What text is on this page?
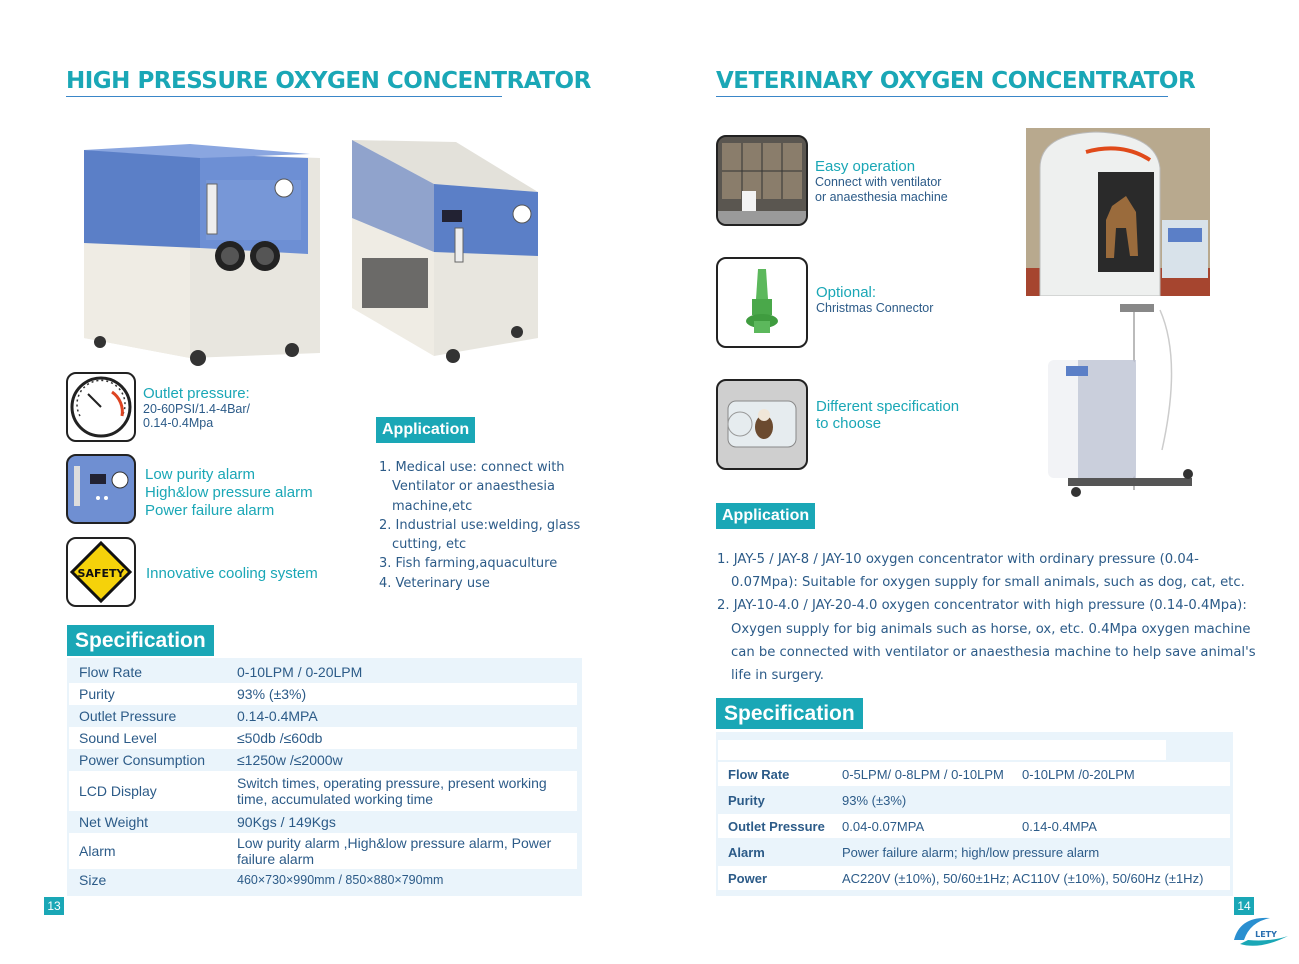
HIGH PRESSURE OXYGEN CONCENTRATOR
Outlet pressure:
20-60PSI/1.4-4Bar/
0.14-0.4Mpa
Low purity alarm
High&low pressure alarm
Power failure alarm
SAFETY Innovative cooling system
Application
1. Medical use: connect with
Ventilator or anaesthesia
machine,etc
2. Industrial use:welding, glass
cutting, etc
3. Fish farming,aquaculture
4. Veterinary use
Specification
Flow Rate	0-10LPM / 0-20LPM
Purity	93% (±3%)
Outlet Pressure	0.14-0.4MPA
Sound Level	≤50db /≤60db
Power Consumption	≤1250w /≤2000w
LCD Display	Switch times, operating pressure, present working time, accumulated working time
Net Weight	90Kgs / 149Kgs
Alarm	Low purity alarm ,High&low pressure alarm, Power failure alarm
Size	460×730×990mm / 850×880×790mm
13
VETERINARY OXYGEN CONCENTRATOR
Easy operation
Connect with ventilator
or anaesthesia machine
Optional:
Christmas Connector
Different specification
to choose
Application
1. JAY-5 / JAY-8 / JAY-10 oxygen concentrator with ordinary pressure (0.04-
0.07Mpa): Suitable for oxygen supply for small animals, such as dog, cat, etc.
2. JAY-10-4.0 / JAY-20-4.0 oxygen concentrator with high pressure (0.14-0.4Mpa):
Oxygen supply for big animals such as horse, ox, etc. 0.4Mpa oxygen machine
can be connected with ventilator or anaesthesia machine to help save animal's
life in surgery.
Specification
Flow Rate	0-5LPM/ 0-8LPM / 0-10LPM	0-10LPM /0-20LPM
Purity	93% (±3%)	
Outlet Pressure	0.04-0.07MPA	0.14-0.4MPA
Alarm	Power failure alarm; high/low pressure alarm	
Power	AC220V (±10%), 50/60±1Hz; AC110V (±10%), 50/60Hz (±1Hz)	
14
LETY
